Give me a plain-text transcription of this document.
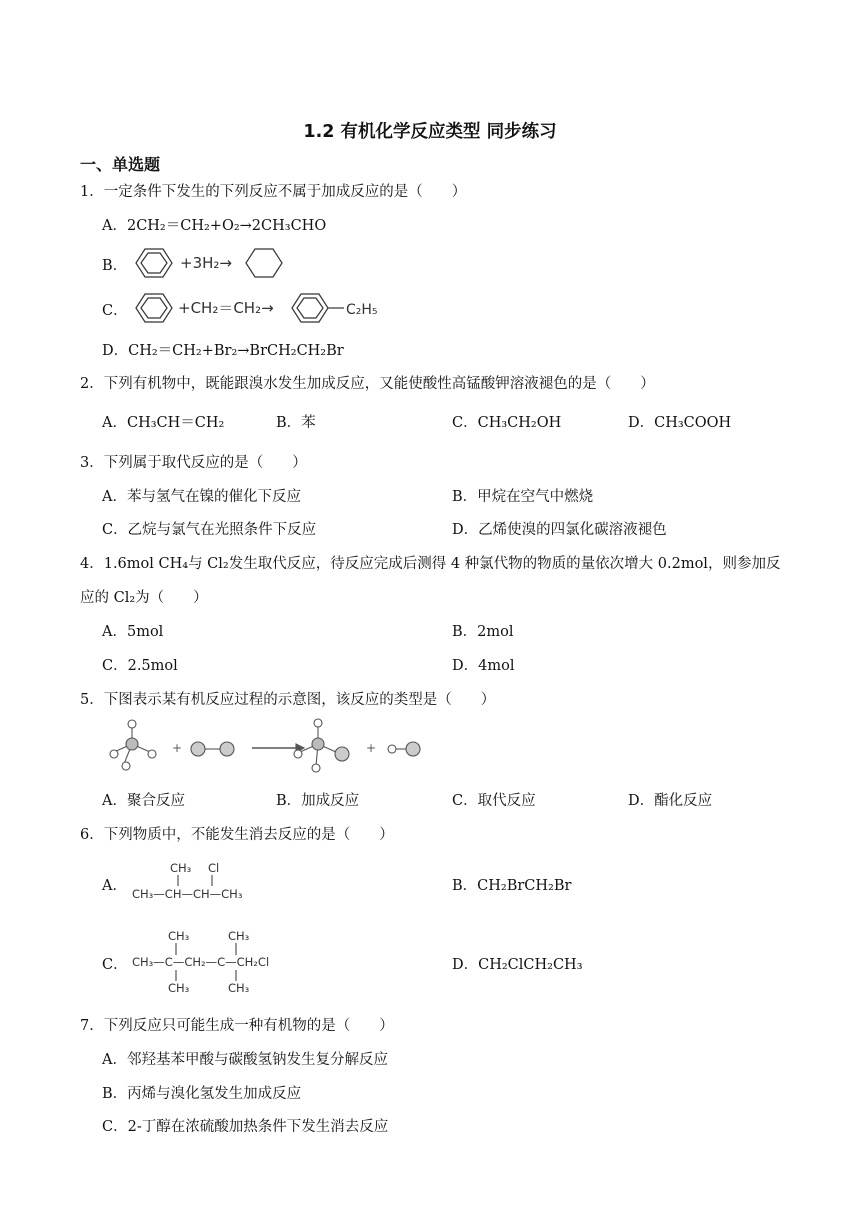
1.2 有机化学反应类型 同步练习
一、单选题
1．一定条件下发生的下列反应不属于加成反应的是（　　）
A．2CH₂＝CH₂+O₂→2CH₃CHO
B．	+3H₂→
C．	+CH₂＝CH₂→	C₂H₅
D．CH₂＝CH₂+Br₂→BrCH₂CH₂Br
2．下列有机物中，既能跟溴水发生加成反应，又能使酸性高锰酸钾溶液褪色的是（　　）
A．CH₃CH＝CH₂	B．苯	C．CH₃CH₂OH	D．CH₃COOH
3．下列属于取代反应的是（　　）
A．苯与氢气在镍的催化下反应	B．甲烷在空气中燃烧
C．乙烷与氯气在光照条件下反应	D．乙烯使溴的四氯化碳溶液褪色
4．1.6mol CH₄与 Cl₂发生取代反应，待反应完成后测得 4 种氯代物的物质的量依次增大 0.2mol，则参加反
应的 Cl₂为（　　）
A．5mol	B．2mol
C．2.5mol	D．4mol
5．下图表示某有机反应过程的示意图，该反应的类型是（　　）
+	+
A．聚合反应	B．加成反应	C．取代反应	D．酯化反应
6．下列物质中，不能发生消去反应的是（　　）
A．
CH₃ Cl
CH₃—CH—CH—CH₃	B．CH₂BrCH₂Br
C．
CH₃	CH₃
CH₃—C—CH₂—C—CH₂Cl
CH₃	CH₃
D．CH₂ClCH₂CH₃
7．下列反应只可能生成一种有机物的是（　　）
A．邻羟基苯甲酸与碳酸氢钠发生复分解反应
B．丙烯与溴化氢发生加成反应
C．2-丁醇在浓硫酸加热条件下发生消去反应
